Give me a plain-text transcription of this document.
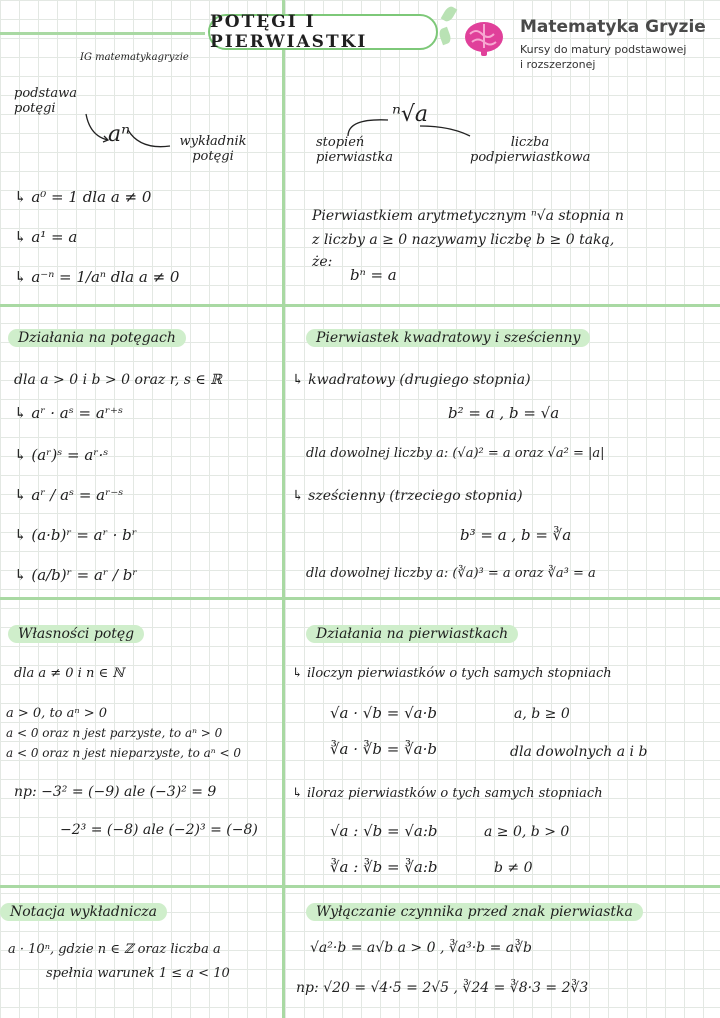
POTĘGI I PIERWIASTKI
Matematyka Gryzie
Kursy do matury podstawowej
i rozszerzonej
IG matematykagryzie
podstawa potęgi
aⁿ	wykładnik potęgi
↳ a⁰ = 1 dla a ≠ 0
↳ a¹ = a
↳ a⁻ⁿ = 1/aⁿ dla a ≠ 0
ⁿ√a
stopień pierwiastka
liczba podpierwiastkowa
Pierwiastkiem arytmetycznym ⁿ√a stopnia n
z liczby a ≥ 0 nazywamy liczbę b ≥ 0 taką,
że:
bⁿ = a
Działania na potęgach
dla a > 0 i b > 0 oraz r, s ∈ ℝ
↳ aʳ · aˢ = aʳ⁺ˢ
↳ (aʳ)ˢ = aʳ·ˢ
↳ aʳ / aˢ = aʳ⁻ˢ
↳ (a·b)ʳ = aʳ · bʳ
↳ (a/b)ʳ = aʳ / bʳ
Pierwiastek kwadratowy i sześcienny
↳ kwadratowy (drugiego stopnia)
b² = a , b = √a
dla dowolnej liczby a: (√a)² = a oraz √a² = |a|
↳ sześcienny (trzeciego stopnia)
b³ = a , b = ∛a
dla dowolnej liczby a: (∛a)³ = a oraz ∛a³ = a
Własności potęg
dla a ≠ 0 i n ∈ ℕ
a > 0, to aⁿ > 0
a < 0 oraz n jest parzyste, to aⁿ > 0
a < 0 oraz n jest nieparzyste, to aⁿ < 0
np: −3² = (−9) ale (−3)² = 9
−2³ = (−8) ale (−2)³ = (−8)
Działania na pierwiastkach
↳ iloczyn pierwiastków o tych samych stopniach
√a · √b = √a·b	a, b ≥ 0
∛a · ∛b = ∛a·b	dla dowolnych a i b
↳ iloraz pierwiastków o tych samych stopniach
√a : √b = √a:b	a ≥ 0, b > 0
∛a : ∛b = ∛a:b	b ≠ 0
Notacja wykładnicza
a · 10ⁿ, gdzie n ∈ ℤ oraz liczba a
spełnia warunek 1 ≤ a < 10
Wyłączanie czynnika przed znak pierwiastka
√a²·b = a√b a > 0 , ∛a³·b = a∛b
np: √20 = √4·5 = 2√5 , ∛24 = ∛8·3 = 2∛3
